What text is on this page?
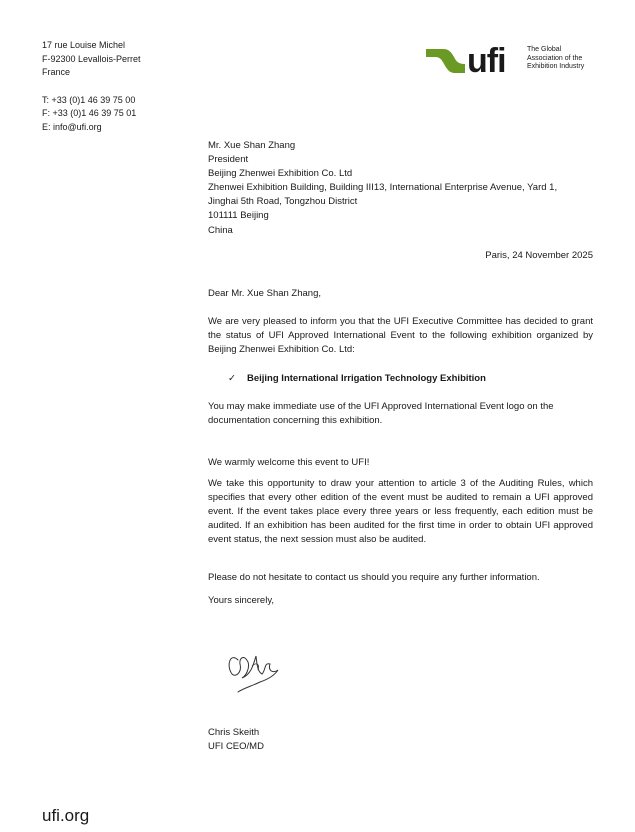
17 rue Louise Michel
F-92300 Levallois-Perret
France
T: +33 (0)1 46 39 75 00
F: +33 (0)1 46 39 75 01
E: info@ufi.org
ufi	The Global
Association of the
Exhibition Industry
Mr. Xue Shan Zhang
President
Beijing Zhenwei Exhibition Co. Ltd
Zhenwei Exhibition Building, Building III13, International Enterprise Avenue, Yard 1,
Jinghai 5th Road, Tongzhou District
101111 Beijing
China
Paris, 24 November 2025

Dear Mr. Xue Shan Zhang,

We are very pleased to inform you that the UFI Executive Committee has decided to grant the status of UFI Approved International Event to the following exhibition organized by Beijing Zhenwei Exhibition Co. Ltd:

✓ Beijing International Irrigation Technology Exhibition

You may make immediate use of the UFI Approved International Event logo on the documentation concerning this exhibition.

We warmly welcome this event to UFI!

We take this opportunity to draw your attention to article 3 of the Auditing Rules, which specifies that every other edition of the event must be audited to remain a UFI approved event. If the event takes place every three years or less frequently, each edition must be audited. If an exhibition has been audited for the first time in order to obtain UFI approved event status, the next session must also be audited.

Please do not hesitate to contact us should you require any further information.

Yours sincerely,

Chris Skeith
UFI CEO/MD
ufi.org
